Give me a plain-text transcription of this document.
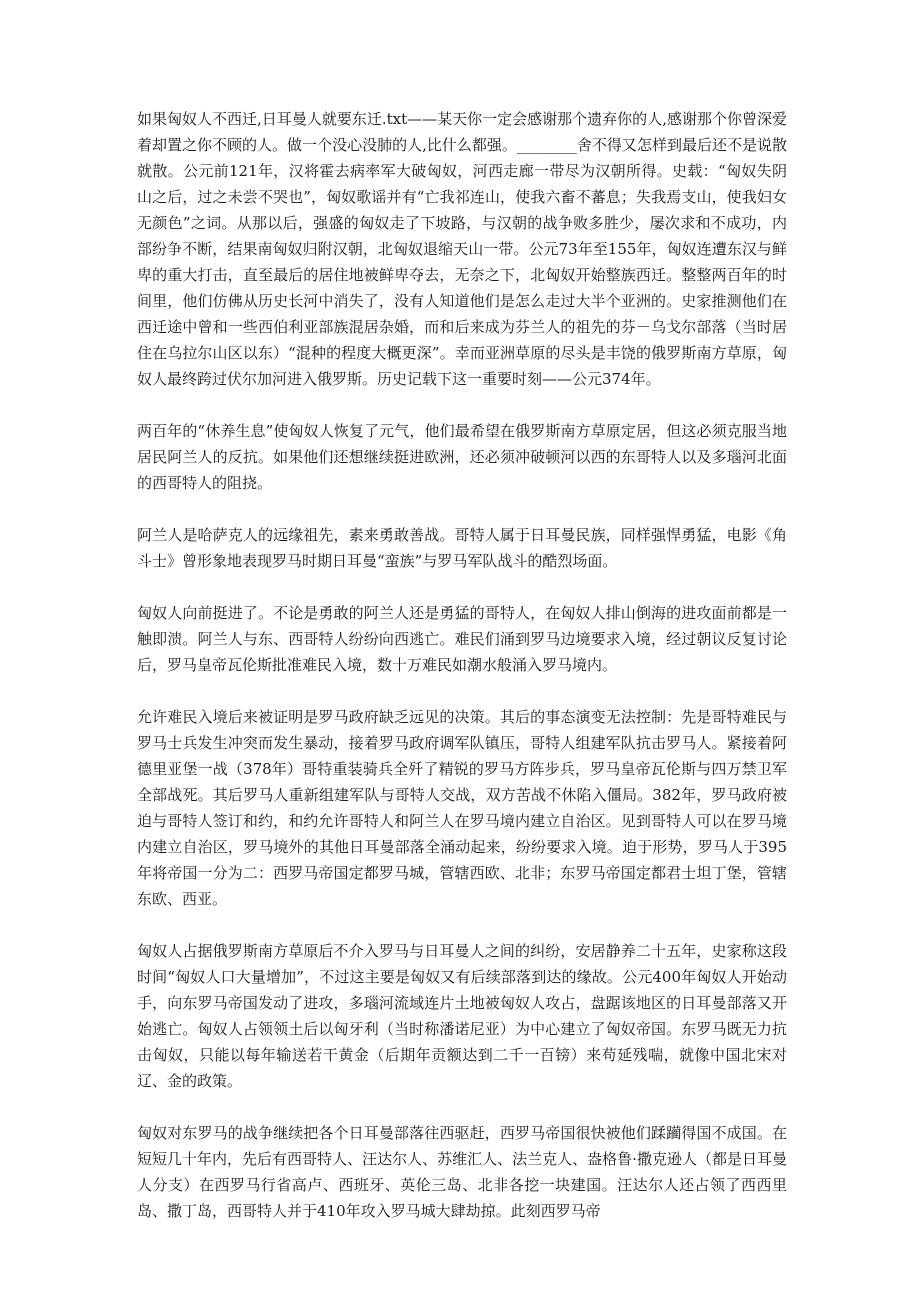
如果匈奴人不西迁,日耳曼人就要东迁.txt——某天你一定会感谢那个遗弃你的人,感谢那个你曾深爱着却置之你不顾的人。做一个没心没肺的人,比什么都强。________舍不得又怎样到最后还不是说散就散。公元前121年，汉将霍去病率军大破匈奴，河西走廊一带尽为汉朝所得。史载：“匈奴失阴山之后，过之未尝不哭也”，匈奴歌谣并有“亡我祁连山，使我六畜不蕃息；失我焉支山，使我妇女无颜色”之词。从那以后，强盛的匈奴走了下坡路，与汉朝的战争败多胜少，屡次求和不成功，内部纷争不断，结果南匈奴归附汉朝，北匈奴退缩天山一带。公元73年至155年，匈奴连遭东汉与鲜卑的重大打击，直至最后的居住地被鲜卑夺去，无奈之下，北匈奴开始整族西迁。整整两百年的时间里，他们仿佛从历史长河中消失了，没有人知道他们是怎么走过大半个亚洲的。史家推测他们在西迁途中曾和一些西伯利亚部族混居杂婚，而和后来成为芬兰人的祖先的芬－乌戈尔部落（当时居住在乌拉尔山区以东）“混种的程度大概更深”。幸而亚洲草原的尽头是丰饶的俄罗斯南方草原，匈奴人最终跨过伏尔加河进入俄罗斯。历史记载下这一重要时刻——公元374年。

两百年的“休养生息”使匈奴人恢复了元气，他们最希望在俄罗斯南方草原定居，但这必须克服当地居民阿兰人的反抗。如果他们还想继续挺进欧洲，还必须冲破顿河以西的东哥特人以及多瑙河北面的西哥特人的阻挠。

阿兰人是哈萨克人的远缘祖先，素来勇敢善战。哥特人属于日耳曼民族，同样强悍勇猛，电影《角斗士》曾形象地表现罗马时期日耳曼“蛮族”与罗马军队战斗的酷烈场面。

匈奴人向前挺进了。不论是勇敢的阿兰人还是勇猛的哥特人，在匈奴人排山倒海的进攻面前都是一触即溃。阿兰人与东、西哥特人纷纷向西逃亡。难民们涌到罗马边境要求入境，经过朝议反复讨论后，罗马皇帝瓦伦斯批准难民入境，数十万难民如潮水般涌入罗马境内。

允许难民入境后来被证明是罗马政府缺乏远见的决策。其后的事态演变无法控制：先是哥特难民与罗马士兵发生冲突而发生暴动，接着罗马政府调军队镇压，哥特人组建军队抗击罗马人。紧接着阿德里亚堡一战（378年）哥特重装骑兵全歼了精锐的罗马方阵步兵，罗马皇帝瓦伦斯与四万禁卫军全部战死。其后罗马人重新组建军队与哥特人交战，双方苦战不休陷入僵局。382年，罗马政府被迫与哥特人签订和约，和约允许哥特人和阿兰人在罗马境内建立自治区。见到哥特人可以在罗马境内建立自治区，罗马境外的其他日耳曼部落全涌动起来，纷纷要求入境。迫于形势，罗马人于395年将帝国一分为二：西罗马帝国定都罗马城，管辖西欧、北非；东罗马帝国定都君士坦丁堡，管辖东欧、西亚。

匈奴人占据俄罗斯南方草原后不介入罗马与日耳曼人之间的纠纷，安居静养二十五年，史家称这段时间“匈奴人口大量增加”，不过这主要是匈奴又有后续部落到达的缘故。公元400年匈奴人开始动手，向东罗马帝国发动了进攻，多瑙河流域连片土地被匈奴人攻占，盘踞该地区的日耳曼部落又开始逃亡。匈奴人占领领土后以匈牙利（当时称潘诺尼亚）为中心建立了匈奴帝国。东罗马既无力抗击匈奴，只能以每年输送若干黄金（后期年贡额达到二千一百镑）来苟延残喘，就像中国北宋对辽、金的政策。

匈奴对东罗马的战争继续把各个日耳曼部落往西驱赶，西罗马帝国很快被他们蹂躏得国不成国。在短短几十年内，先后有西哥特人、汪达尔人、苏维汇人、法兰克人、盎格鲁·撒克逊人（都是日耳曼人分支）在西罗马行省高卢、西班牙、英伦三岛、北非各挖一块建国。汪达尔人还占领了西西里岛、撒丁岛，西哥特人并于410年攻入罗马城大肆劫掠。此刻西罗马帝
